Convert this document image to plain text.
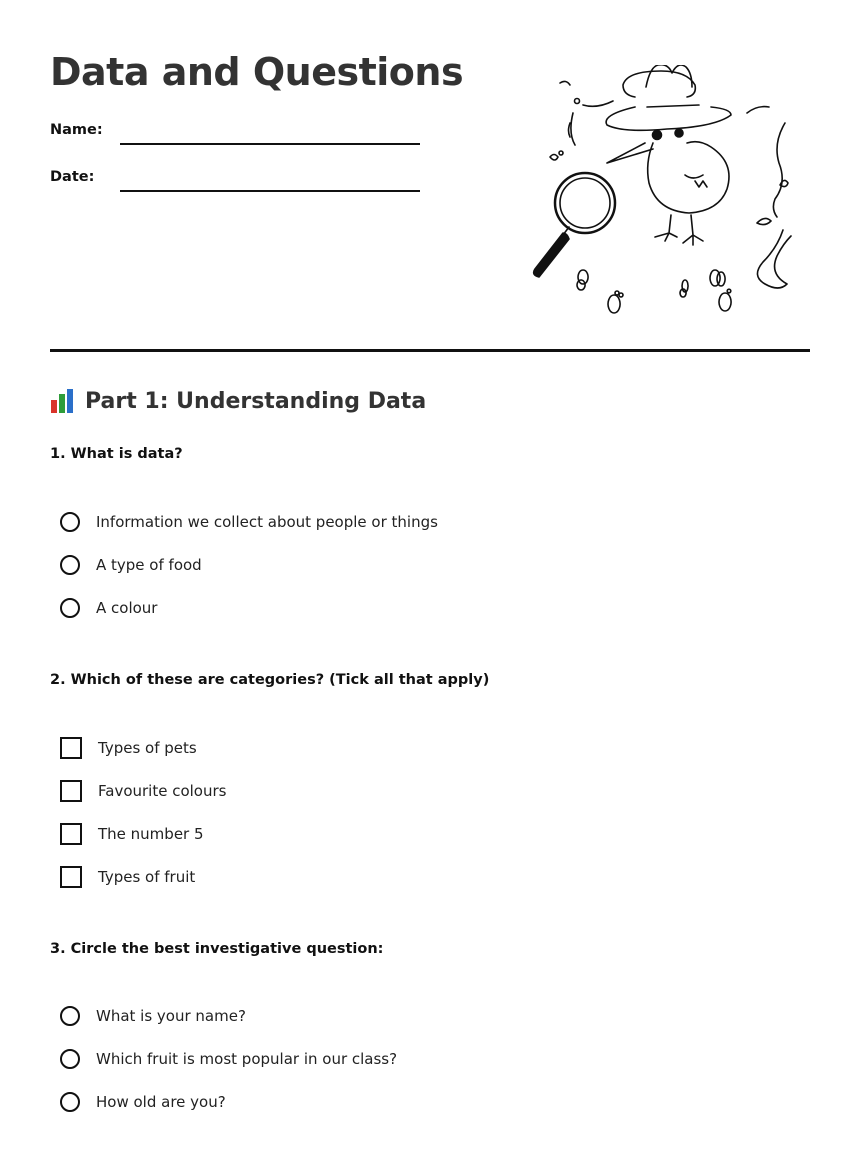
Data and Questions
Name:
Date:
Part 1: Understanding Data

1. What is data?

Information we collect about people or things
A type of food
A colour

2. Which of these are categories? (Tick all that apply)

Types of pets
Favourite colours
The number 5
Types of fruit

3. Circle the best investigative question:

What is your name?
Which fruit is most popular in our class?
How old are you?
